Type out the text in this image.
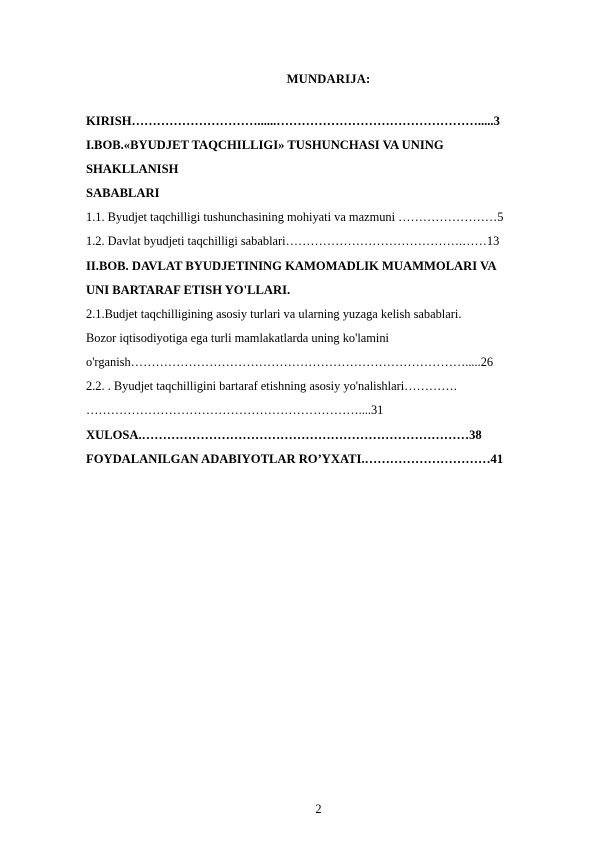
MUNDARIJA:
KIRISH…………………………......………………………………………….....3
I.BOB.«BYUDJET TAQCHILLIGI» TUSHUNCHASI VA UNING
SHAKLLANISH
SABABLARI
1.1. Byudjet taqchilligi tushunchasining mohiyati va mazmuni ……………………5
1.2. Davlat byudjeti taqchilligi sabablari…………………………………….……13
II.BOB. DAVLAT BYUDJETINING KAMOMADLIK MUAMMOLARI VA
UNI BARTARAF ETISH YO'LLARI.
2.1.Budjet taqchilligining asosiy turlari va ularning yuzaga kelish sabablari.
Bozor iqtisodiyotiga ega turli mamlakatlarda uning ko'lamini
o'rganish……………………………………………………………………….....26
2.2. . Byudjet taqchilligini bartaraf etishning asosiy yo'nalishlari………….
…………………………………………………………....31
XULOSA.……………………………………………………………………38
FOYDALANILGAN ADABIYOTLAR RO’YXATI.…………………………41
2
